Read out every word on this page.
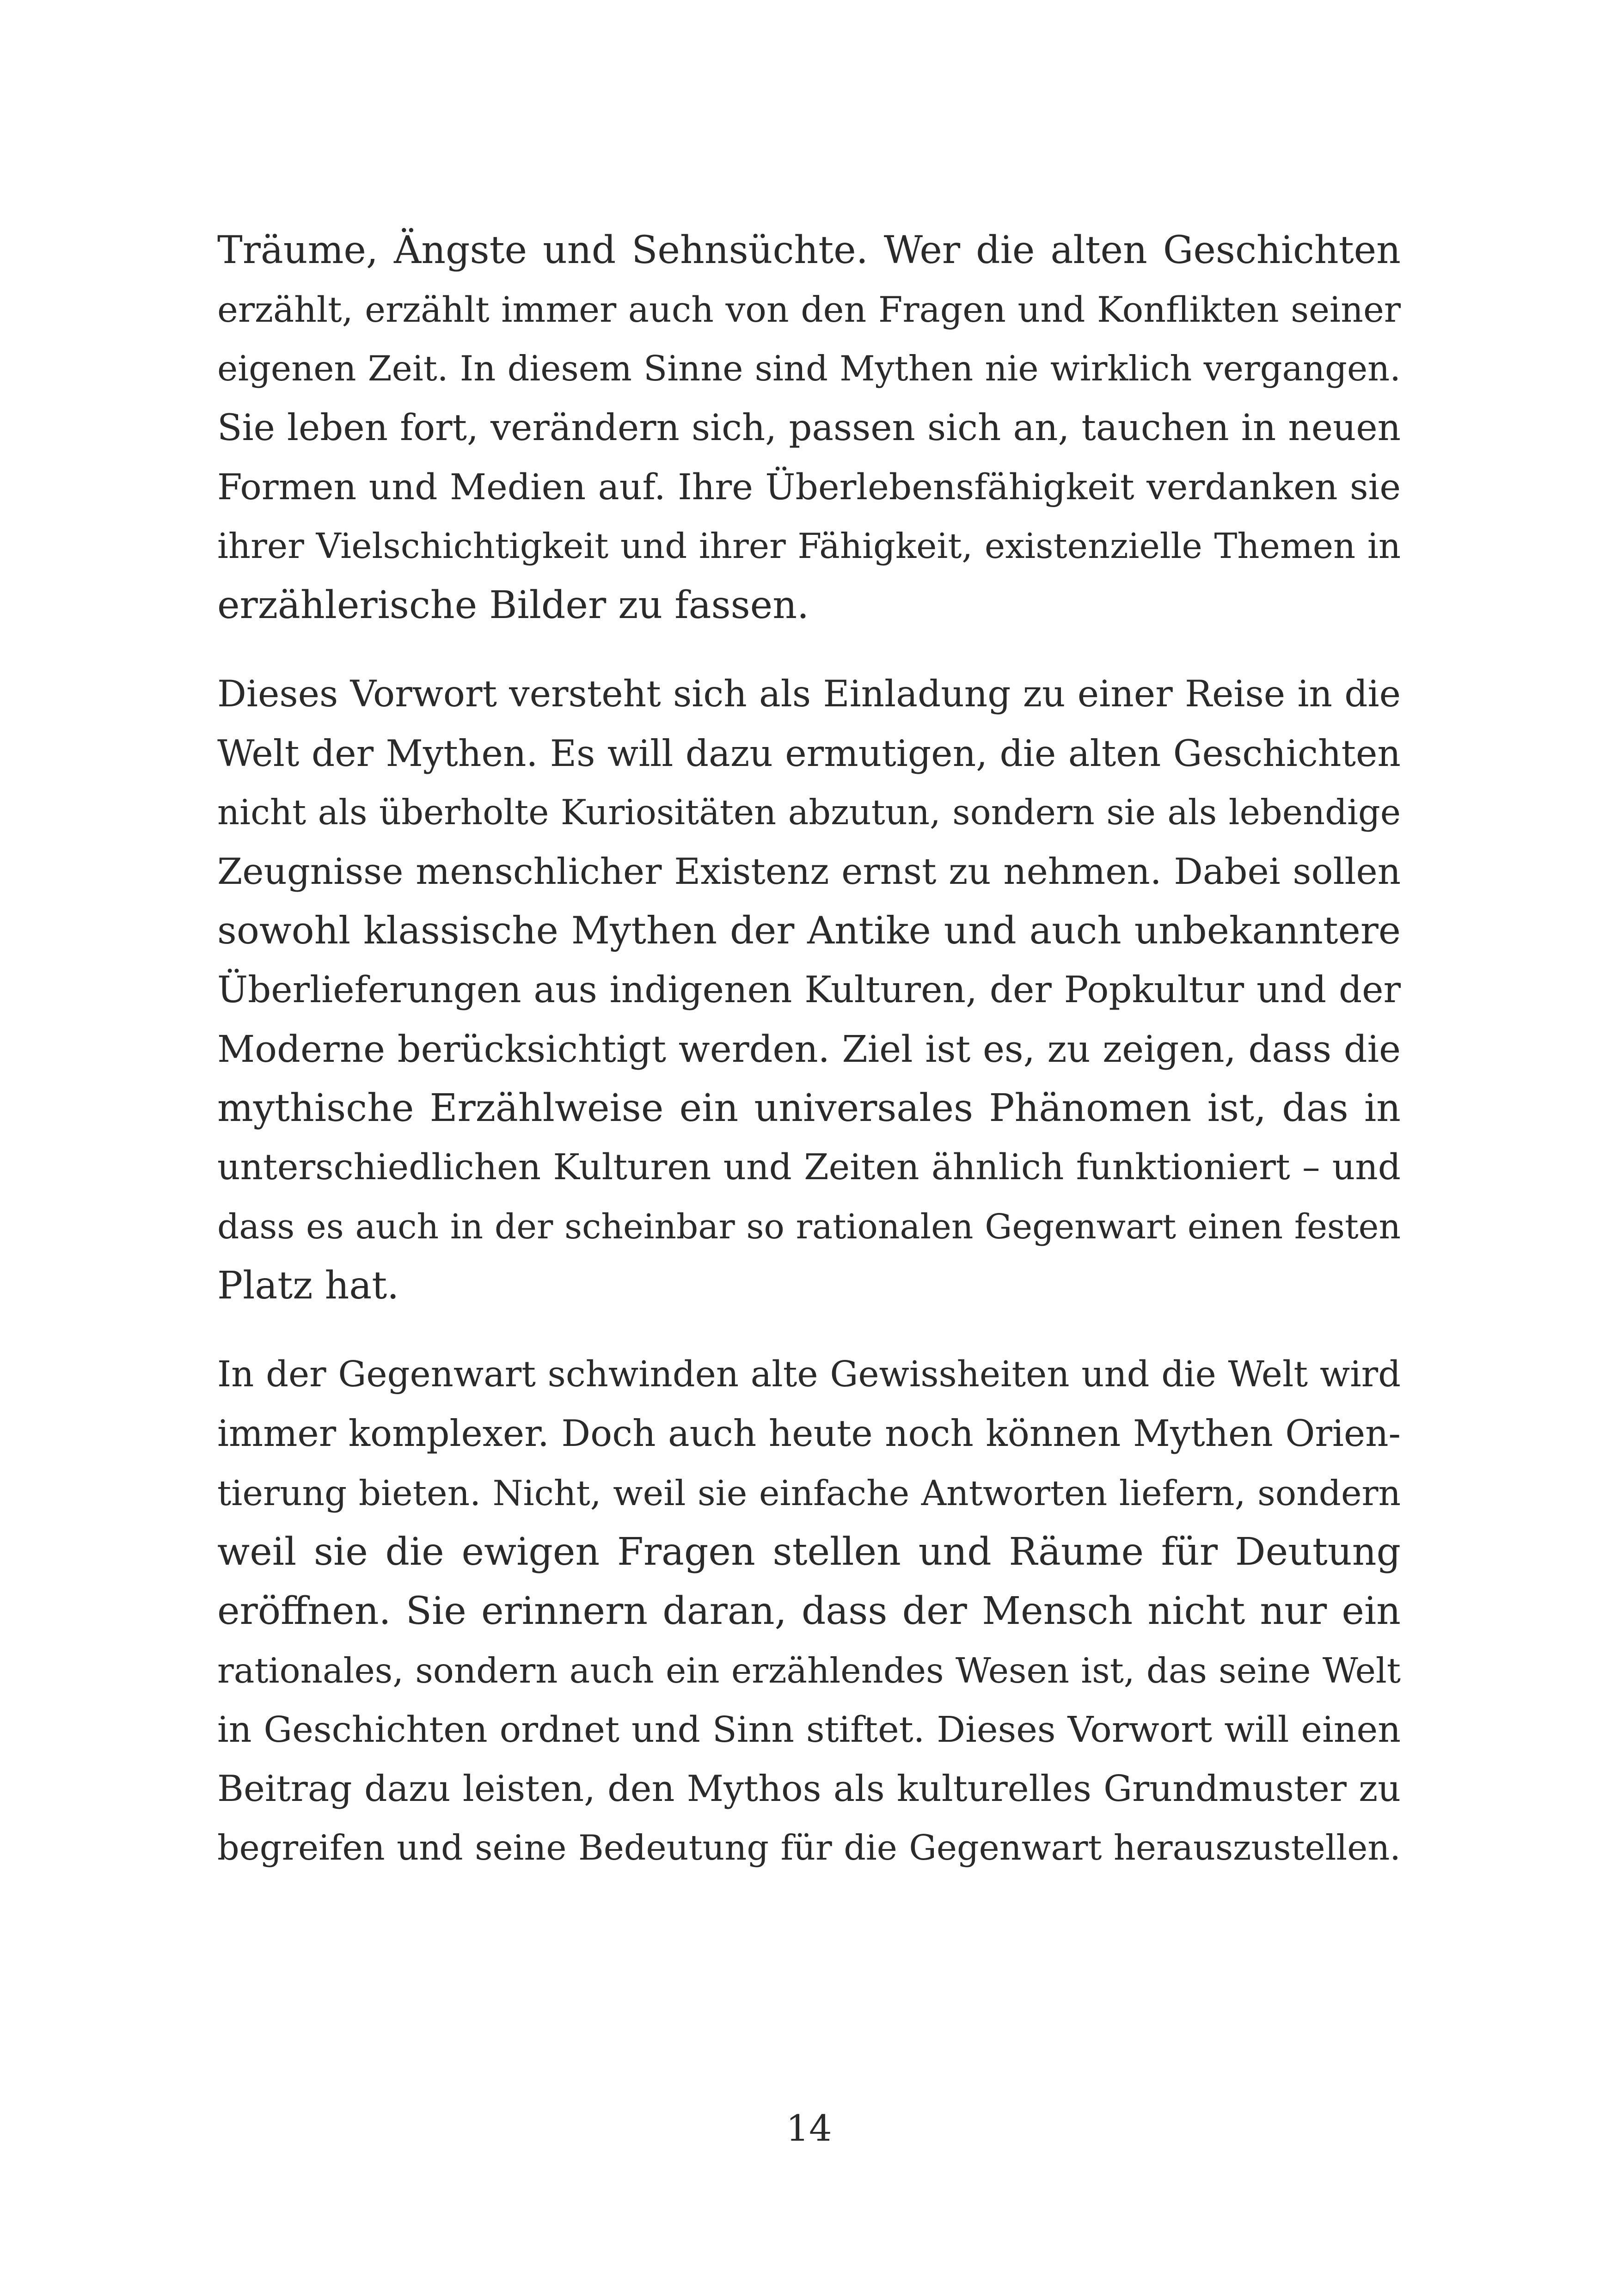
Träume, Ängste und Sehnsüchte. Wer die alten Geschichten
erzählt, erzählt immer auch von den Fragen und Konflikten seiner
eigenen Zeit. In diesem Sinne sind Mythen nie wirklich vergangen.
Sie leben fort, verändern sich, passen sich an, tauchen in neuen
Formen und Medien auf. Ihre Überlebensfähigkeit verdanken sie
ihrer Vielschichtigkeit und ihrer Fähigkeit, existenzielle Themen in
erzählerische Bilder zu fassen.

Dieses Vorwort versteht sich als Einladung zu einer Reise in die
Welt der Mythen. Es will dazu ermutigen, die alten Geschichten
nicht als überholte Kuriositäten abzutun, sondern sie als lebendige
Zeugnisse menschlicher Existenz ernst zu nehmen. Dabei sollen
sowohl klassische Mythen der Antike und auch unbekanntere
Überlieferungen aus indigenen Kulturen, der Popkultur und der
Moderne berücksichtigt werden. Ziel ist es, zu zeigen, dass die
mythische Erzählweise ein universales Phänomen ist, das in
unterschiedlichen Kulturen und Zeiten ähnlich funktioniert – und
dass es auch in der scheinbar so rationalen Gegenwart einen festen
Platz hat.

In der Gegenwart schwinden alte Gewissheiten und die Welt wird
immer komplexer. Doch auch heute noch können Mythen Orien-
tierung bieten. Nicht, weil sie einfache Antworten liefern, sondern
weil sie die ewigen Fragen stellen und Räume für Deutung
eröffnen. Sie erinnern daran, dass der Mensch nicht nur ein
rationales, sondern auch ein erzählendes Wesen ist, das seine Welt
in Geschichten ordnet und Sinn stiftet. Dieses Vorwort will einen
Beitrag dazu leisten, den Mythos als kulturelles Grundmuster zu
begreifen und seine Bedeutung für die Gegenwart herauszustellen.

14
